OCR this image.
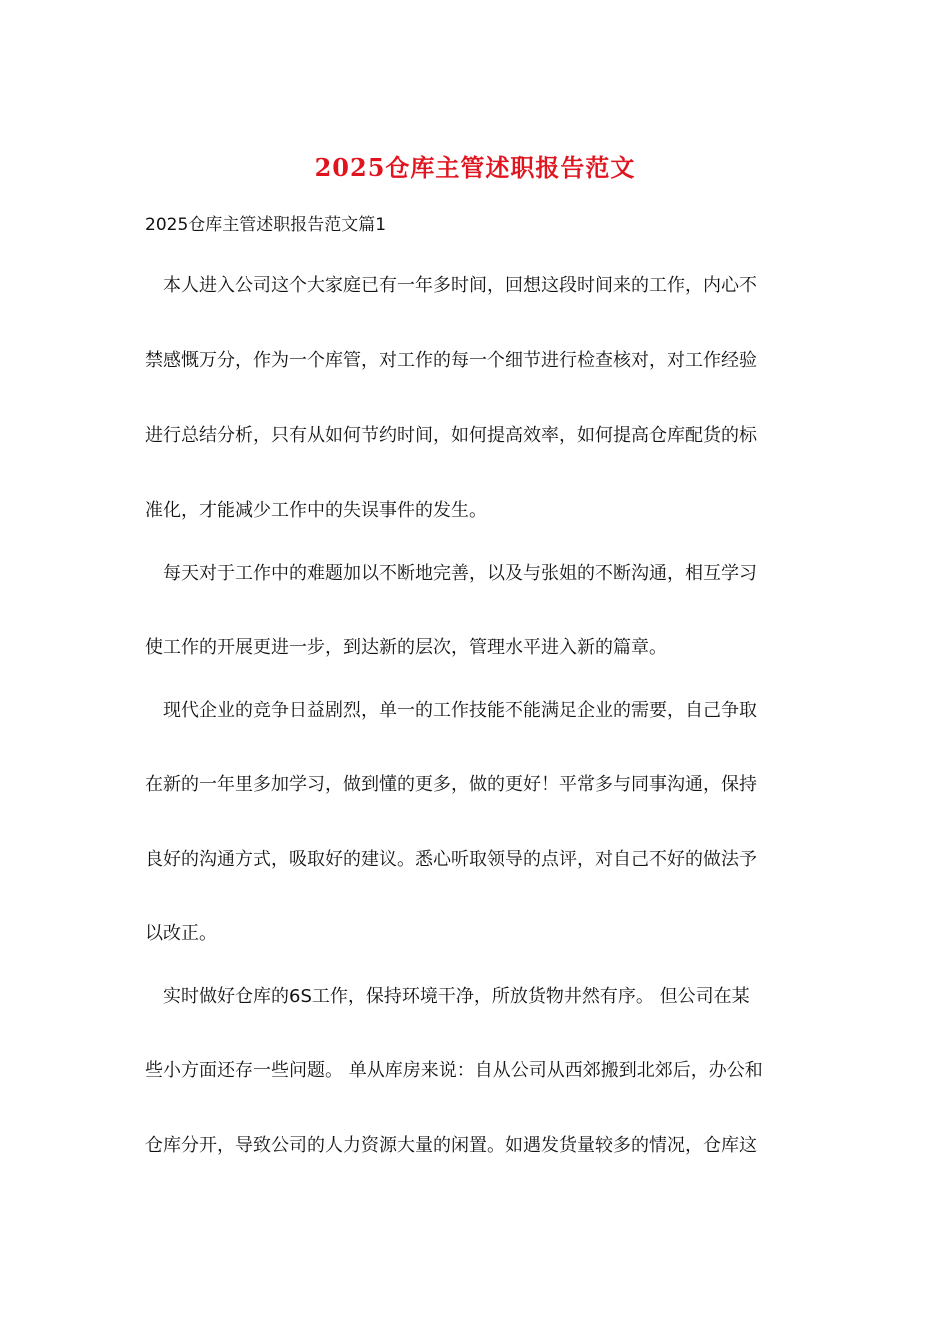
2025仓库主管述职报告范文
2025仓库主管述职报告范文篇1
本人进入公司这个大家庭已有一年多时间，回想这段时间来的工作，内心不
禁感慨万分，作为一个库管，对工作的每一个细节进行检查核对，对工作经验
进行总结分析，只有从如何节约时间，如何提高效率，如何提高仓库配货的标
准化，才能减少工作中的失误事件的发生。
每天对于工作中的难题加以不断地完善，以及与张姐的不断沟通，相互学习
使工作的开展更进一步，到达新的层次，管理水平进入新的篇章。
现代企业的竞争日益剧烈，单一的工作技能不能满足企业的需要，自己争取
在新的一年里多加学习，做到懂的更多，做的更好！平常多与同事沟通，保持
良好的沟通方式，吸取好的建议。悉心听取领导的点评，对自己不好的做法予
以改正。
实时做好仓库的6S工作，保持环境干净，所放货物井然有序。 但公司在某
些小方面还存一些问题。 单从库房来说：自从公司从西郊搬到北郊后，办公和
仓库分开，导致公司的人力资源大量的闲置。如遇发货量较多的情况，仓库这
